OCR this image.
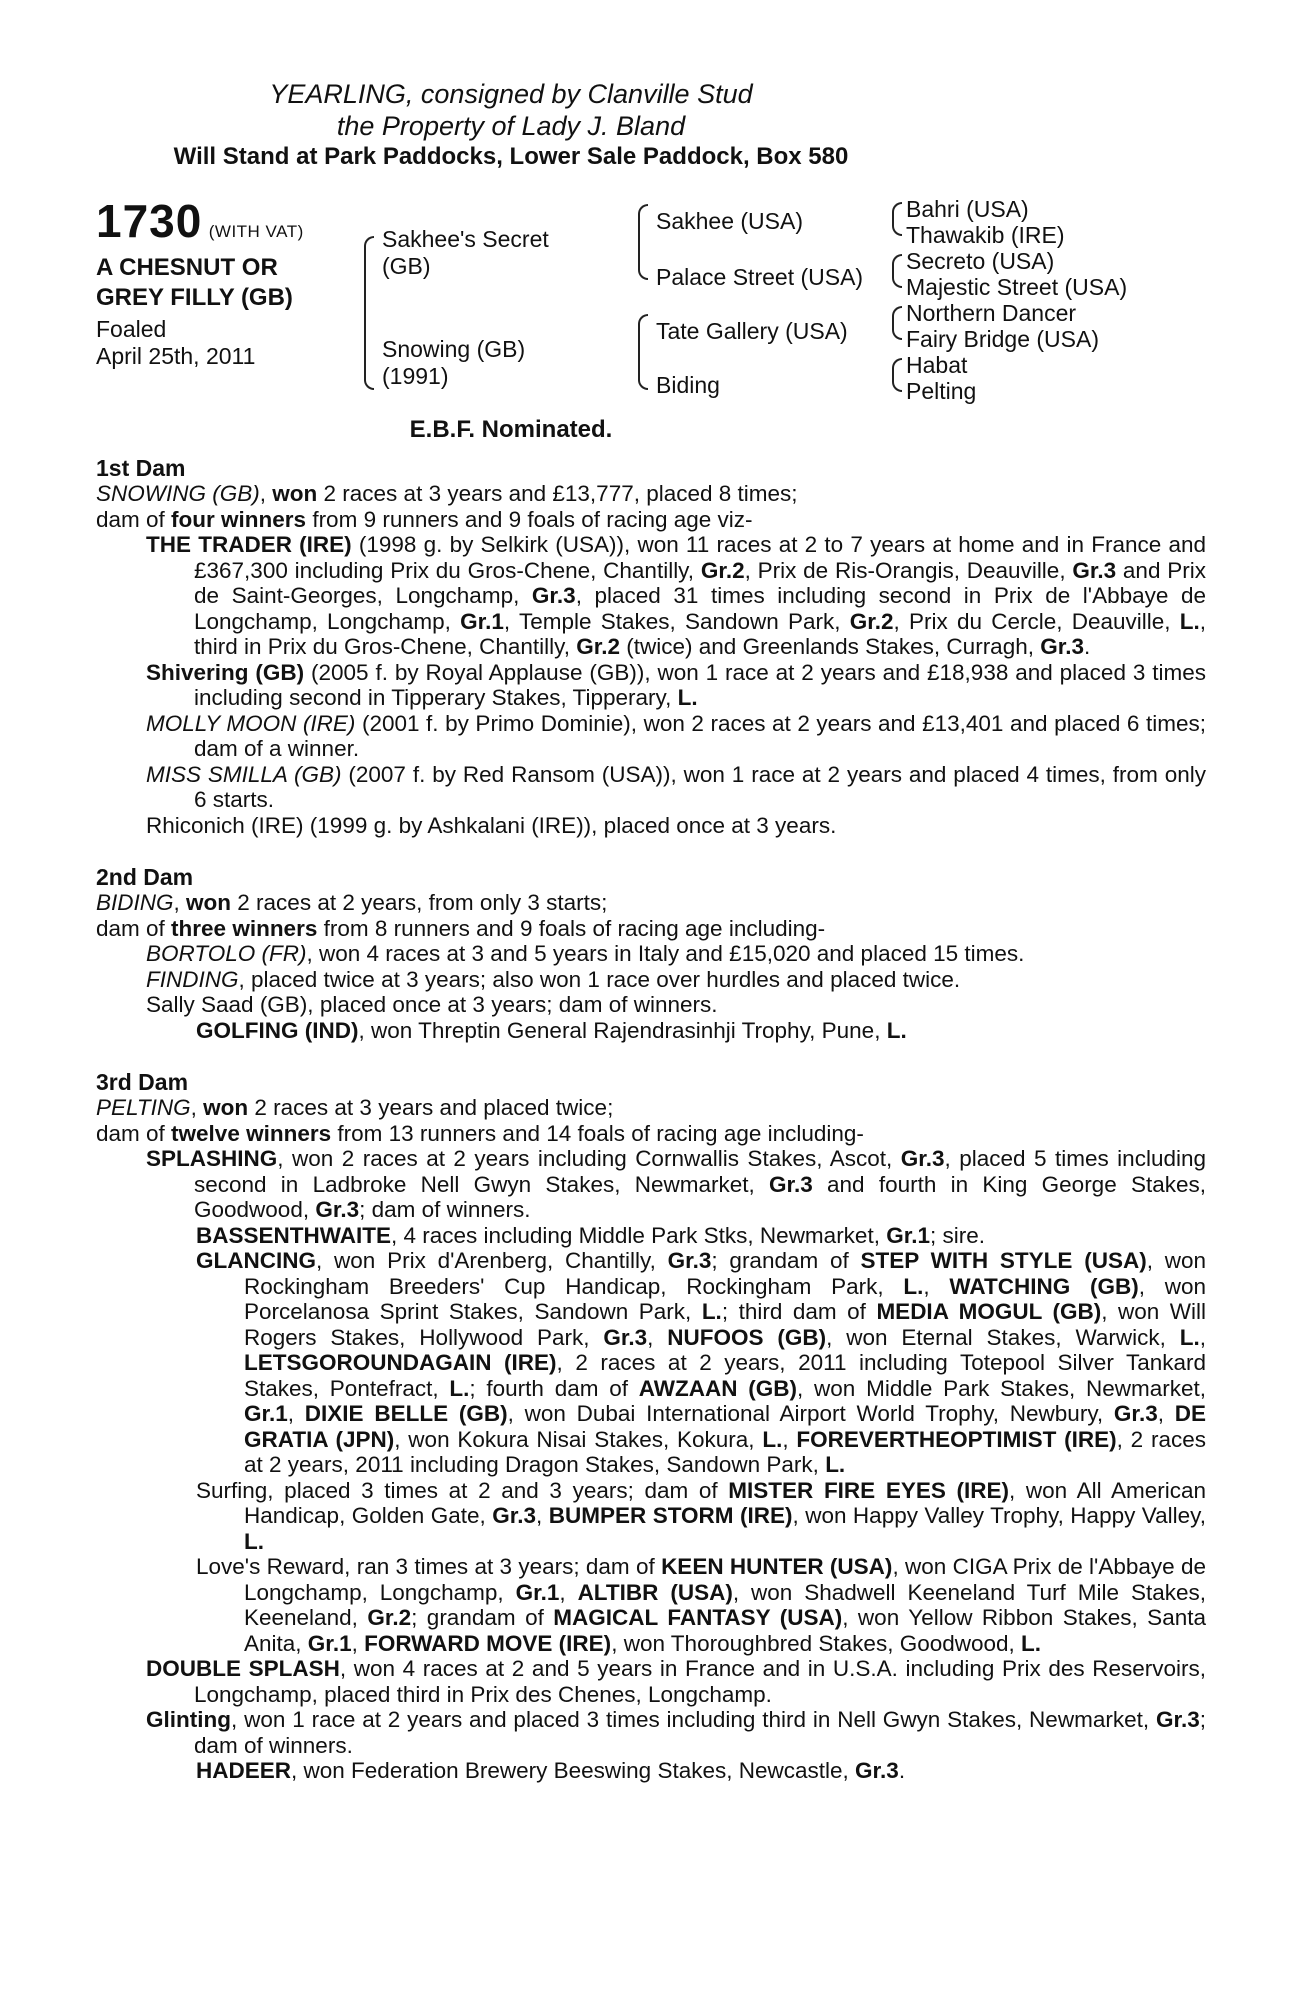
YEARLING, consigned by Clanville Stud
the Property of Lady J. Bland
Will Stand at Park Paddocks, Lower Sale Paddock, Box 580
1730 (WITH VAT)
A CHESNUT OR
GREY FILLY (GB)
Foaled
April 25th, 2011
Sakhee's Secret
(GB)
Snowing (GB)
(1991)
Sakhee (USA)
Palace Street (USA)
Tate Gallery (USA)
Biding
Bahri (USA)
Thawakib (IRE)
Secreto (USA)
Majestic Street (USA)
Northern Dancer
Fairy Bridge (USA)
Habat
Pelting
E.B.F. Nominated.
1st Dam

SNOWING (GB), won 2 races at 3 years and £13,777, placed 8 times;

dam of four winners from 9 runners and 9 foals of racing age viz-

THE TRADER (IRE) (1998 g. by Selkirk (USA)), won 11 races at 2 to 7 years at home and in France and £367,300 including Prix du Gros-Chene, Chantilly, Gr.2, Prix de Ris-Orangis, Deauville, Gr.3 and Prix de Saint-Georges, Longchamp, Gr.3, placed 31 times including second in Prix de l'Abbaye de Longchamp, Longchamp, Gr.1, Temple Stakes, Sandown Park, Gr.2, Prix du Cercle, Deauville, L., third in Prix du Gros-Chene, Chantilly, Gr.2 (twice) and Greenlands Stakes, Curragh, Gr.3.

Shivering (GB) (2005 f. by Royal Applause (GB)), won 1 race at 2 years and £18,938 and placed 3 times including second in Tipperary Stakes, Tipperary, L.

MOLLY MOON (IRE) (2001 f. by Primo Dominie), won 2 races at 2 years and £13,401 and placed 6 times; dam of a winner.

MISS SMILLA (GB) (2007 f. by Red Ransom (USA)), won 1 race at 2 years and placed 4 times, from only 6 starts.

Rhiconich (IRE) (1999 g. by Ashkalani (IRE)), placed once at 3 years.

2nd Dam

BIDING, won 2 races at 2 years, from only 3 starts;

dam of three winners from 8 runners and 9 foals of racing age including-

BORTOLO (FR), won 4 races at 3 and 5 years in Italy and £15,020 and placed 15 times.

FINDING, placed twice at 3 years; also won 1 race over hurdles and placed twice.

Sally Saad (GB), placed once at 3 years; dam of winners.

GOLFING (IND), won Threptin General Rajendrasinhji Trophy, Pune, L.

3rd Dam

PELTING, won 2 races at 3 years and placed twice;

dam of twelve winners from 13 runners and 14 foals of racing age including-

SPLASHING, won 2 races at 2 years including Cornwallis Stakes, Ascot, Gr.3, placed 5 times including second in Ladbroke Nell Gwyn Stakes, Newmarket, Gr.3 and fourth in King George Stakes, Goodwood, Gr.3; dam of winners.

BASSENTHWAITE, 4 races including Middle Park Stks, Newmarket, Gr.1; sire.

GLANCING, won Prix d'Arenberg, Chantilly, Gr.3; grandam of STEP WITH STYLE (USA), won Rockingham Breeders' Cup Handicap, Rockingham Park, L., WATCHING (GB), won Porcelanosa Sprint Stakes, Sandown Park, L.; third dam of MEDIA MOGUL (GB), won Will Rogers Stakes, Hollywood Park, Gr.3, NUFOOS (GB), won Eternal Stakes, Warwick, L., LETSGOROUNDAGAIN (IRE), 2 races at 2 years, 2011 including Totepool Silver Tankard Stakes, Pontefract, L.; fourth dam of AWZAAN (GB), won Middle Park Stakes, Newmarket, Gr.1, DIXIE BELLE (GB), won Dubai International Airport World Trophy, Newbury, Gr.3, DE GRATIA (JPN), won Kokura Nisai Stakes, Kokura, L., FOREVERTHEOPTIMIST (IRE), 2 races at 2 years, 2011 including Dragon Stakes, Sandown Park, L.

Surfing, placed 3 times at 2 and 3 years; dam of MISTER FIRE EYES (IRE), won All American Handicap, Golden Gate, Gr.3, BUMPER STORM (IRE), won Happy Valley Trophy, Happy Valley, L.

Love's Reward, ran 3 times at 3 years; dam of KEEN HUNTER (USA), won CIGA Prix de l'Abbaye de Longchamp, Longchamp, Gr.1, ALTIBR (USA), won Shadwell Keeneland Turf Mile Stakes, Keeneland, Gr.2; grandam of MAGICAL FANTASY (USA), won Yellow Ribbon Stakes, Santa Anita, Gr.1, FORWARD MOVE (IRE), won Thoroughbred Stakes, Goodwood, L.

DOUBLE SPLASH, won 4 races at 2 and 5 years in France and in U.S.A. including Prix des Reservoirs, Longchamp, placed third in Prix des Chenes, Longchamp.

Glinting, won 1 race at 2 years and placed 3 times including third in Nell Gwyn Stakes, Newmarket, Gr.3; dam of winners.

HADEER, won Federation Brewery Beeswing Stakes, Newcastle, Gr.3.
